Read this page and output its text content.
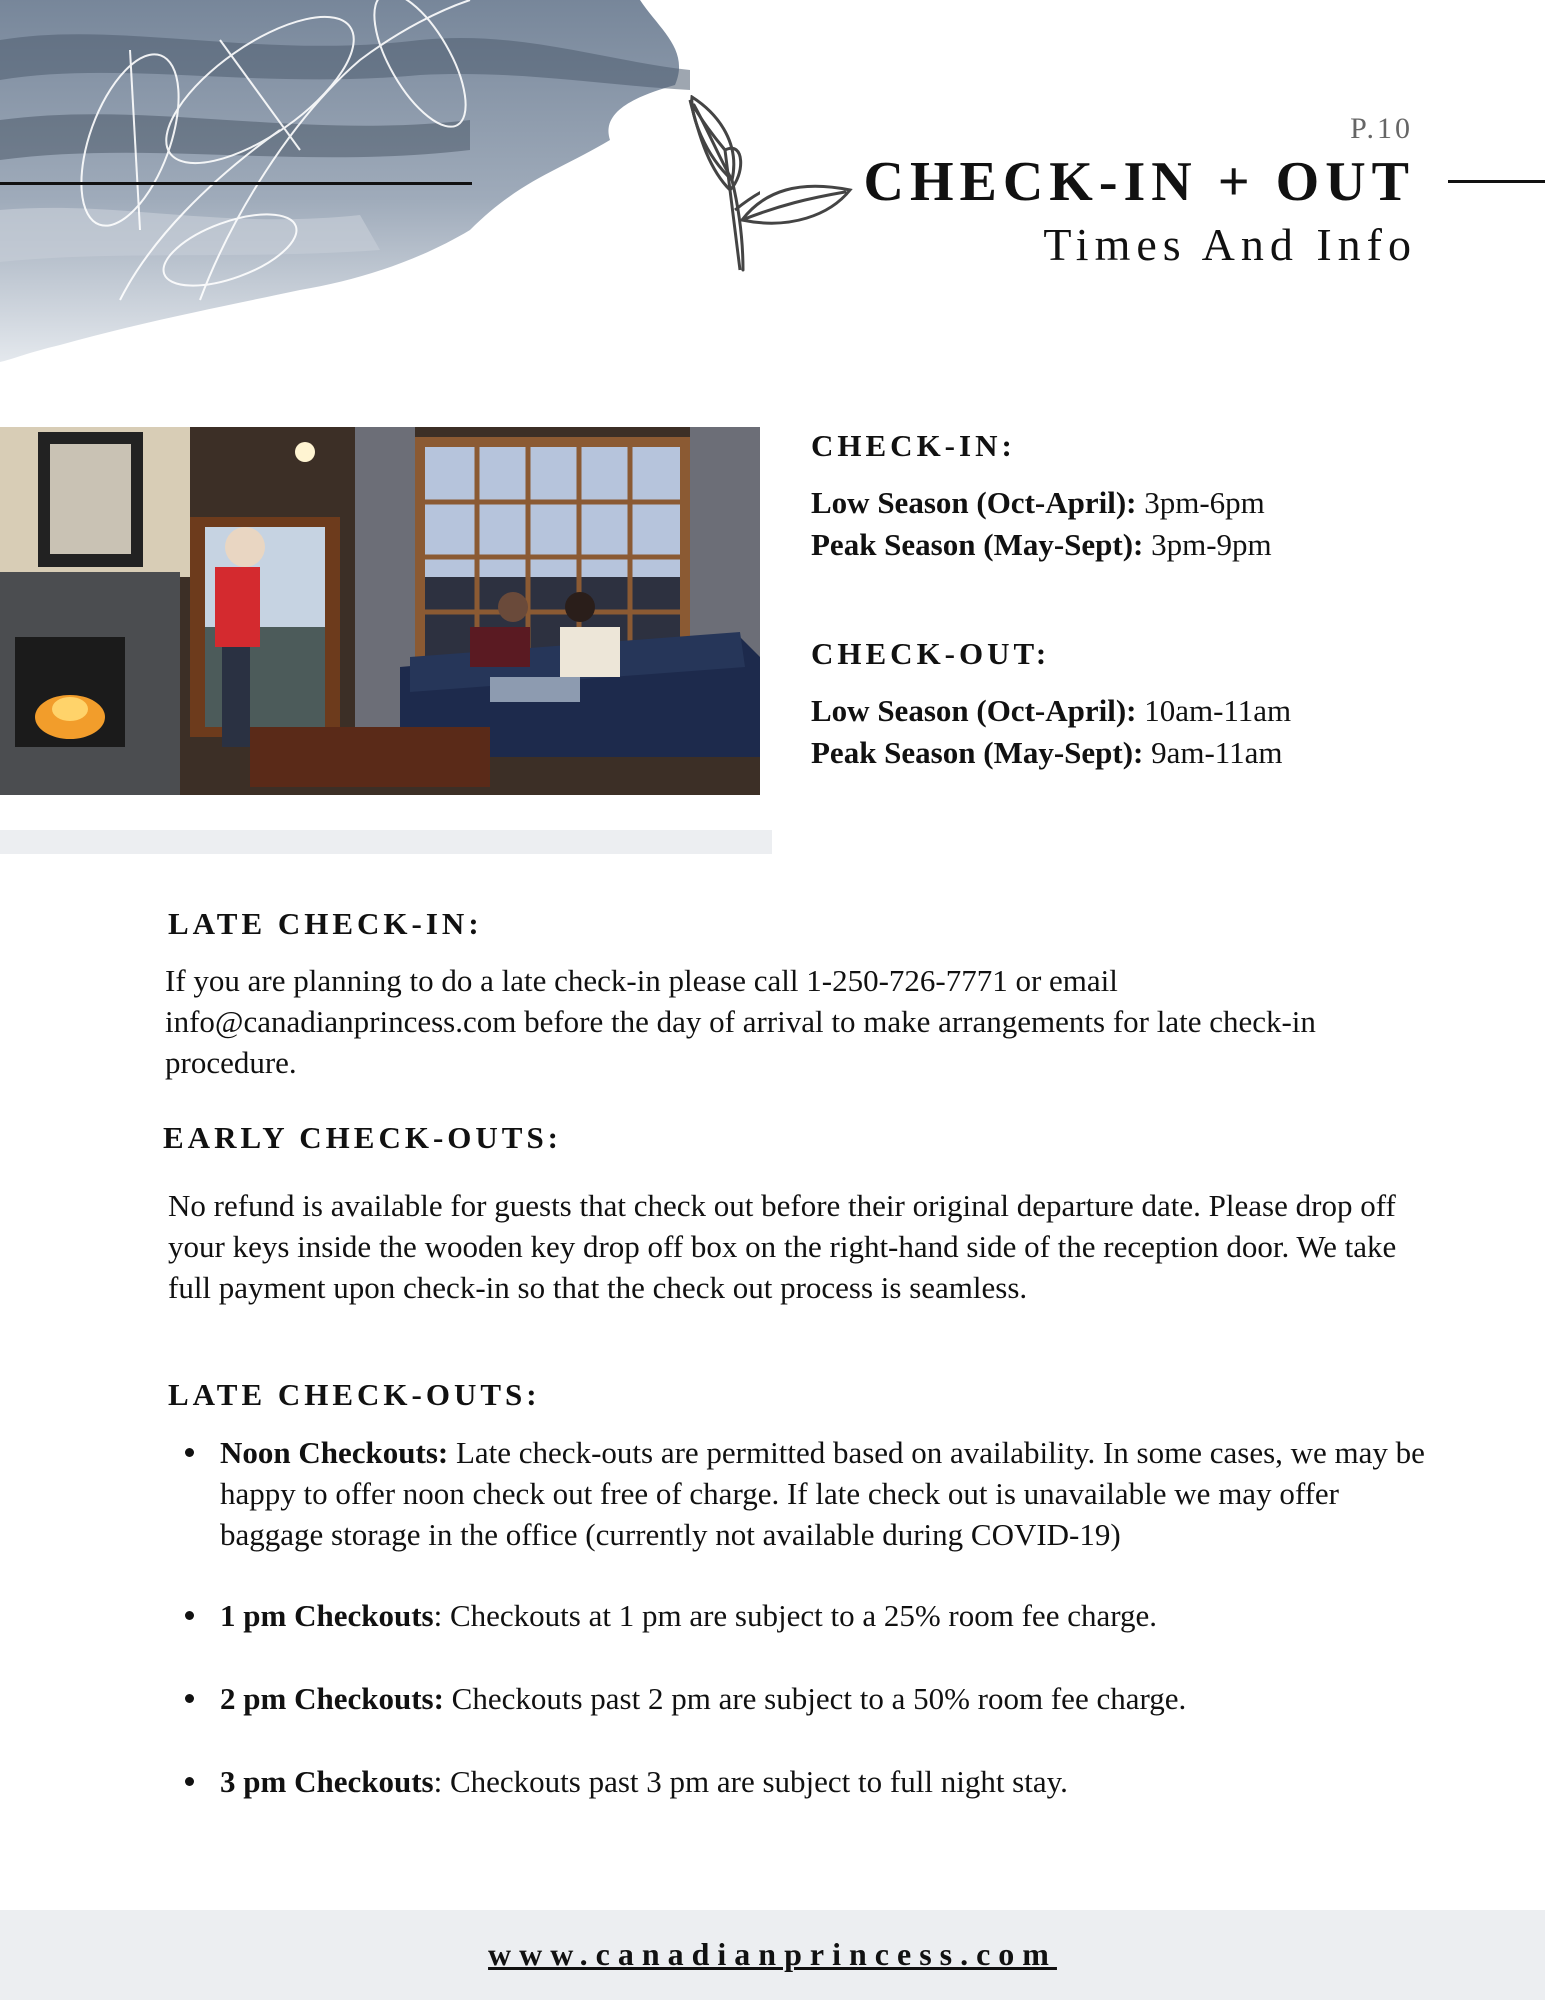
P.10
CHECK-IN + OUT
Times And Info
CHECK-IN:
Low Season (Oct-April): 3pm-6pm
Peak Season (May-Sept): 3pm-9pm
CHECK-OUT:
Low Season (Oct-April): 10am-11am
Peak Season (May-Sept): 9am-11am
LATE CHECK-IN:

If you are planning to do a late check-in please call 1-250-726-7771 or email info@canadianprincess.com before the day of arrival to make arrangements for late check-in procedure.

EARLY CHECK-OUTS:

No refund is available for guests that check out before their original departure date. Please drop off your keys inside the wooden key drop off box on the right-hand side of the reception door. We take full payment upon check-in so that the check out process is seamless.

LATE CHECK-OUTS:
Noon Checkouts: Late check-outs are permitted based on availability. In some cases, we may be happy to offer noon check out free of charge. If late check out is unavailable we may offer baggage storage in the office (currently not available during COVID-19)
1 pm Checkouts: Checkouts at 1 pm are subject to a 25% room fee charge.
2 pm Checkouts: Checkouts past 2 pm are subject to a 50% room fee charge.
3 pm Checkouts: Checkouts past 3 pm are subject to full night stay.
www.canadianprincess.com
